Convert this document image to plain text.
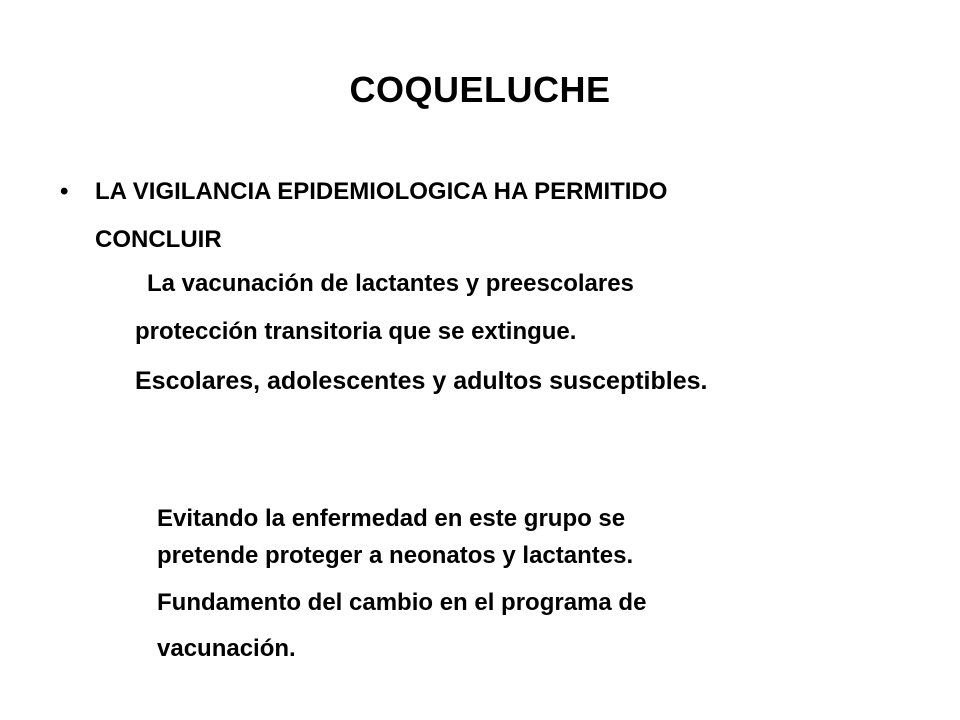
COQUELUCHE
• LA VIGILANCIA EPIDEMIOLOGICA HA PERMITIDO
CONCLUIR
La vacunación de lactantes y preescolares
protección transitoria que se extingue.
Escolares, adolescentes y adultos susceptibles.
Evitando la enfermedad en este grupo se
pretende proteger a neonatos y lactantes.
Fundamento del cambio en el programa de
vacunación.
